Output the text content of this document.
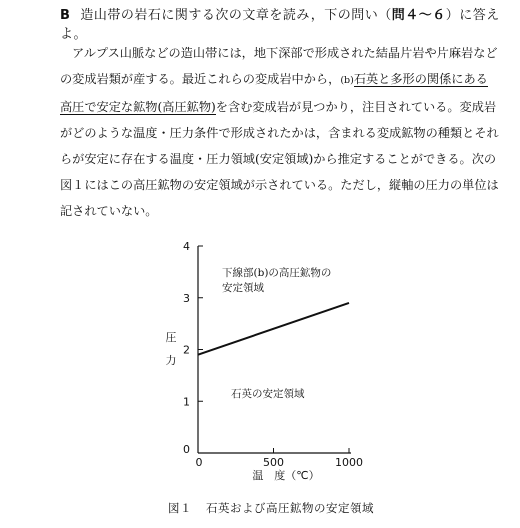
B 造山帯の岩石に関する次の文章を読み，下の問い（問４～６）に答えよ。
アルプス山脈などの造山帯には，地下深部で形成された結晶片岩や片麻岩など
の変成岩類が産する。最近これらの変成岩中から，(b)石英と多形の関係にある
高圧で安定な鉱物(高圧鉱物)を含む変成岩が見つかり，注目されている。変成岩
がどのような温度・圧力条件で形成されたかは，含まれる変成鉱物の種類とそれ
らが安定に存在する温度・圧力領域(安定領域)から推定することができる。次の
図１にはこの高圧鉱物の安定領域が示されている。ただし，縦軸の圧力の単位は
記されていない。
0
1
2
3
4
0	500	1000
圧
力
温　度（℃）
下線部(b)の高圧鉱物の
安定領域
石英の安定領域
図１ 石英および高圧鉱物の安定領域
